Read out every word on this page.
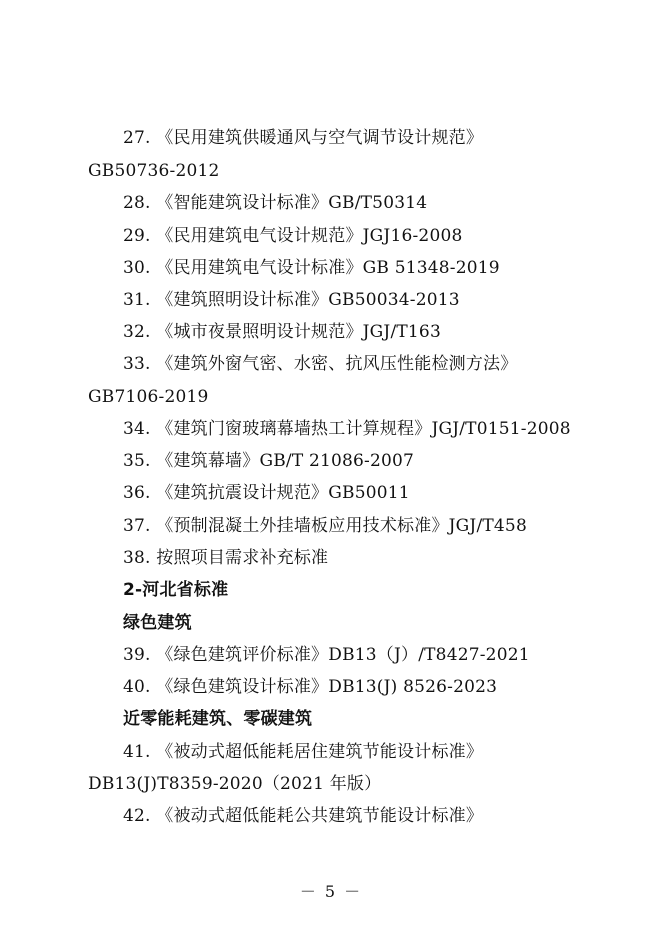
27. 《民用建筑供暖通风与空气调节设计规范》
GB50736-2012
28. 《智能建筑设计标准》GB/T50314
29. 《民用建筑电气设计规范》JGJ16-2008
30. 《民用建筑电气设计标准》GB 51348-2019
31. 《建筑照明设计标准》GB50034-2013
32. 《城市夜景照明设计规范》JGJ/T163
33. 《建筑外窗气密、水密、抗风压性能检测方法》
GB7106-2019
34. 《建筑门窗玻璃幕墙热工计算规程》JGJ/T0151-2008
35. 《建筑幕墙》GB/T 21086-2007
36. 《建筑抗震设计规范》GB50011
37. 《预制混凝土外挂墙板应用技术标准》JGJ/T458
38. 按照项目需求补充标准
2-河北省标准
绿色建筑
39. 《绿色建筑评价标准》DB13（J）/T8427-2021
40. 《绿色建筑设计标准》DB13(J) 8526-2023
近零能耗建筑、零碳建筑
41. 《被动式超低能耗居住建筑节能设计标准》
DB13(J)T8359-2020（2021 年版）
42. 《被动式超低能耗公共建筑节能设计标准》
－ 5 －
